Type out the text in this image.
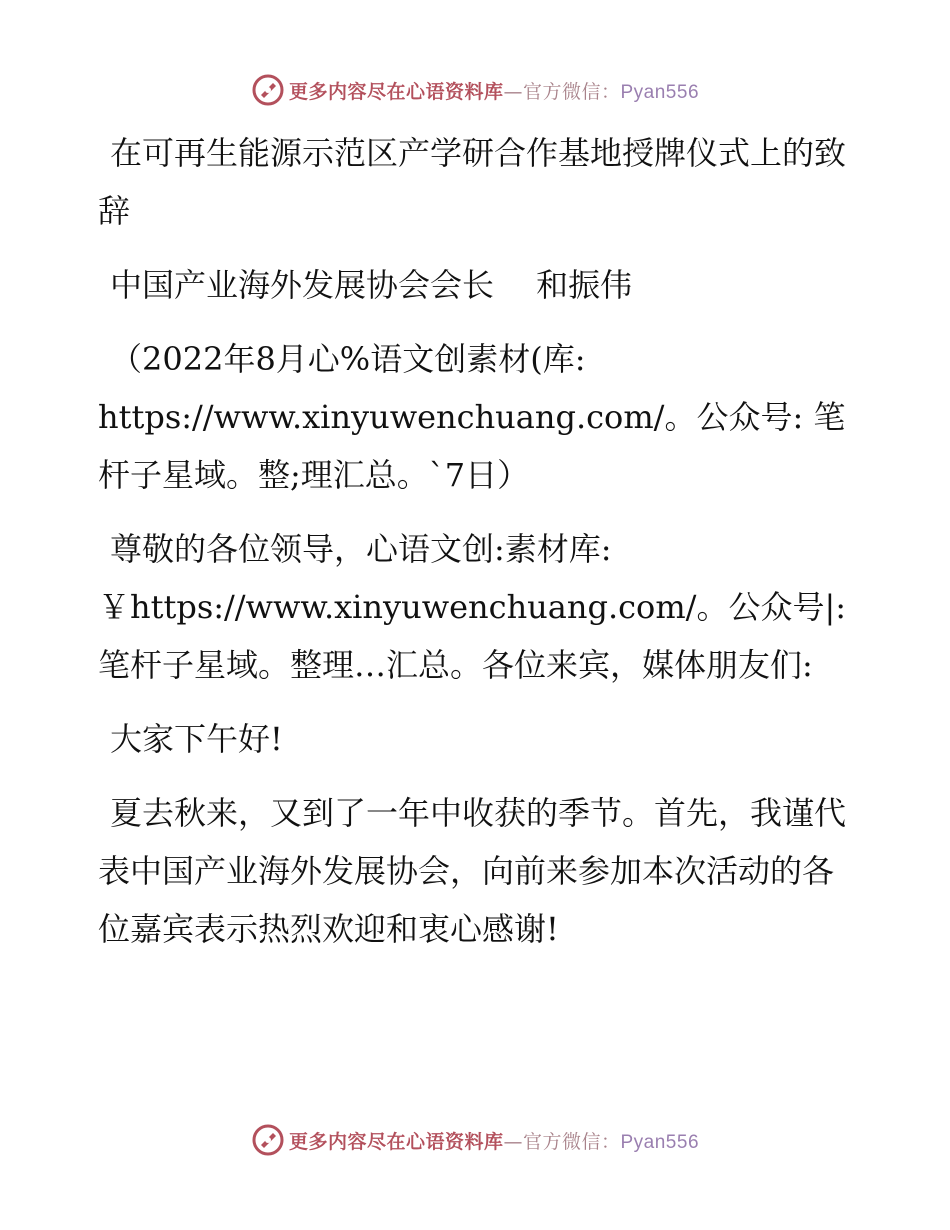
更多内容尽在心语资料库—官方微信：Pyan556

在可再生能源示范区产学研合作基地授牌仪式上的致辞

中国产业海外发展协会会长　 和振伟

（2022年8月心%语文创素材(库: https://www.xinyuwenchuang.com/。公众号: 笔杆子星域。整;理汇总。`7日）

尊敬的各位领导，心语文创:素材库: ￥https://www.xinyuwenchuang.com/。公众号|: 笔杆子星域。整理…汇总。各位来宾，媒体朋友们:

大家下午好!

夏去秋来，又到了一年中收获的季节。首先，我谨代表中国产业海外发展协会，向前来参加本次活动的各位嘉宾表示热烈欢迎和衷心感谢!

更多内容尽在心语资料库—官方微信：Pyan556
